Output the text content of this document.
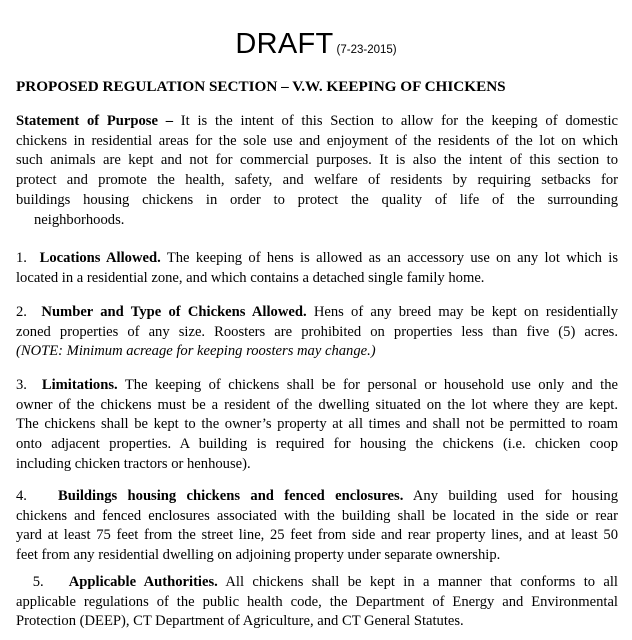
DRAFT (7-23-2015)
PROPOSED REGULATION SECTION – V.W. KEEPING OF CHICKENS
Statement of Purpose – It is the intent of this Section to allow for the keeping of domestic
chickens in residential areas for the sole use and enjoyment of the residents of the lot on which
such animals are kept and not for commercial purposes. It is also the intent of this section to
protect and promote the health, safety, and welfare of residents by requiring setbacks for
buildings housing chickens in order to protect the quality of life of the surrounding
neighborhoods.
1. Locations Allowed. The keeping of hens is allowed as an accessory use on any lot which is
located in a residential zone, and which contains a detached single family home.
2. Number and Type of Chickens Allowed. Hens of any breed may be kept on residentially
zoned properties of any size. Roosters are prohibited on properties less than five (5) acres.
(NOTE: Minimum acreage for keeping roosters may change.)
3. Limitations. The keeping of chickens shall be for personal or household use only and the
owner of the chickens must be a resident of the dwelling situated on the lot where they are kept.
The chickens shall be kept to the owner’s property at all times and shall not be permitted to roam
onto adjacent properties. A building is required for housing the chickens (i.e. chicken coop
including chicken tractors or henhouse).
4. Buildings housing chickens and fenced enclosures. Any building used for housing
chickens and fenced enclosures associated with the building shall be located in the side or rear
yard at least 75 feet from the street line, 25 feet from side and rear property lines, and at least 50
feet from any residential dwelling on adjoining property under separate ownership.
5. Applicable Authorities. All chickens shall be kept in a manner that conforms to all
applicable regulations of the public health code, the Department of Energy and Environmental
Protection (DEEP), CT Department of Agriculture, and CT General Statutes.
